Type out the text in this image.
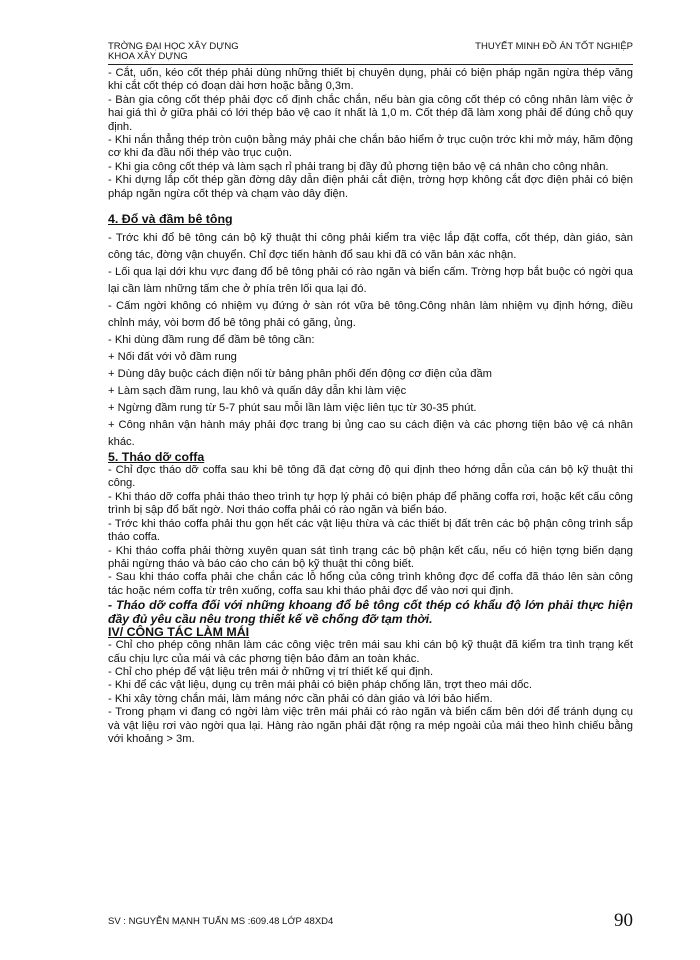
TRỜNG ĐẠI HỌC XÂY DỰNG
KHOA XÂY DỰNG
THUYẾT MINH ĐỒ ÁN TỐT NGHIỆP

- Cắt, uốn, kéo cốt thép phải dùng những thiết bị chuyên dụng, phải có biện pháp ngăn ngừa thép văng khi cắt cốt thép có đoạn dài hơn hoặc bằng 0,3m.

- Bàn gia công cốt thép phải đợc cố định chắc chắn, nếu bàn gia công cốt thép có công nhân làm việc ở hai giá thì ở giữa phải có lới thép bảo vệ cao ít nhất là 1,0 m. Cốt thép đã làm xong phải để đúng chỗ quy định.

- Khi nắn thẳng thép tròn cuộn bằng máy phải che chắn bảo hiểm ở trục cuộn trớc khi mở máy, hãm động cơ khi đa đầu nối thép vào trục cuộn.

- Khi gia công cốt thép và làm sạch rỉ phải trang bị đầy đủ phơng tiện bảo vệ cá nhân cho công nhân.

- Khi dựng lắp cốt thép gần đờng dây dẫn điện phải cắt điện, trờng hợp không cắt đợc điện phải có biện pháp ngăn ngừa cốt thép và chạm vào dây điện.

4. Đổ và đầm bê tông

- Trớc khi đổ bê tông cán bộ kỹ thuật thi công phải kiểm tra việc lắp đặt coffa, cốt thép, dàn giáo, sàn công tác, đờng vận chuyển. Chỉ đợc tiến hành đổ sau khi đã có văn bản xác nhận.

- Lối qua lại dới khu vực đang đổ bê tông phải có rào ngăn và biển cấm. Trờng hợp bắt buộc có ngời qua lại cần làm những tấm che ở phía trên lối qua lại đó.

- Cấm ngời không có nhiệm vụ đứng ở sàn rót vữa bê tông.Công nhân làm nhiệm vụ định hớng, điều chỉnh máy, vòi bơm đổ bê tông phải có găng, ủng.

- Khi dùng đầm rung để đầm bê tông cần:

+ Nối đất với vỏ đầm rung

+ Dùng dây buộc cách điện nối từ bảng phân phối đến động cơ điện của đầm

+ Làm sạch đầm rung, lau khô và quấn dây dẫn khi làm việc

+ Ngừng đầm rung từ 5-7 phút sau mỗi lần làm việc liên tục từ 30-35 phút.

+ Công nhân vận hành máy phải đợc trang bị ủng cao su cách điện và các phơng tiện bảo vệ cá nhân khác.

5. Tháo dỡ coffa

- Chỉ đợc tháo dỡ coffa sau khi bê tông đã đạt cờng độ qui định theo hớng dẫn của cán bộ kỹ thuật thi công.

- Khi tháo dỡ coffa phải tháo theo trình tự hợp lý phải có biện pháp để phăng coffa rơi, hoặc kết cấu công trình bị sập đổ bất ngờ. Nơi tháo coffa phải có rào ngăn và biển báo.

- Trớc khi tháo coffa phải thu gọn hết các vật liệu thừa và các thiết bị đất trên các bộ phận công trình sắp tháo coffa.

- Khi tháo coffa phải thờng xuyên quan sát tình trạng các bộ phận kết cấu, nếu có hiện tợng biến dạng phải ngừng tháo và báo cáo cho cán bộ kỹ thuật thi công biết.

- Sau khi tháo coffa phải che chắn các lỗ hổng của công trình không đợc để coffa đã tháo lên sàn công tác hoặc ném coffa từ trên xuống, coffa sau khi tháo phải đợc để vào nơi qui định.

- Tháo dỡ coffa đối với những khoang đổ bê tông cốt thép có khẩu độ lớn phải thực hiện đầy đủ yêu cầu nêu trong thiết kế về chống đỡ tạm thời.

IV/ CÔNG TÁC LÀM MÁI

- Chỉ cho phép công nhân làm các công việc trên mái sau khi cán bộ kỹ thuật đã kiểm tra tình trạng kết cấu chịu lực của mái và các phơng tiện bảo đảm an toàn khác.

- Chỉ cho phép để vật liệu trên mái ở những vị trí thiết kế qui định.

- Khi để các vật liệu, dụng cụ trên mái phải có biện pháp chống lăn, trợt theo mái dốc.

- Khi xây tờng chắn mái, làm máng nớc cần phải có dàn giáo và lới bảo hiểm.

- Trong phạm vi đang có ngời làm việc trên mái phải có rào ngăn và biển cấm bên dới để tránh dụng cụ và vật liệu rơi vào ngời qua lại. Hàng rào ngăn phải đặt rộng ra mép ngoài của mái theo hình chiếu bằng với khoảng > 3m.

SV : NGUYỄN MẠNH TUẤN MS :609.48 LỚP 48XD4	90
